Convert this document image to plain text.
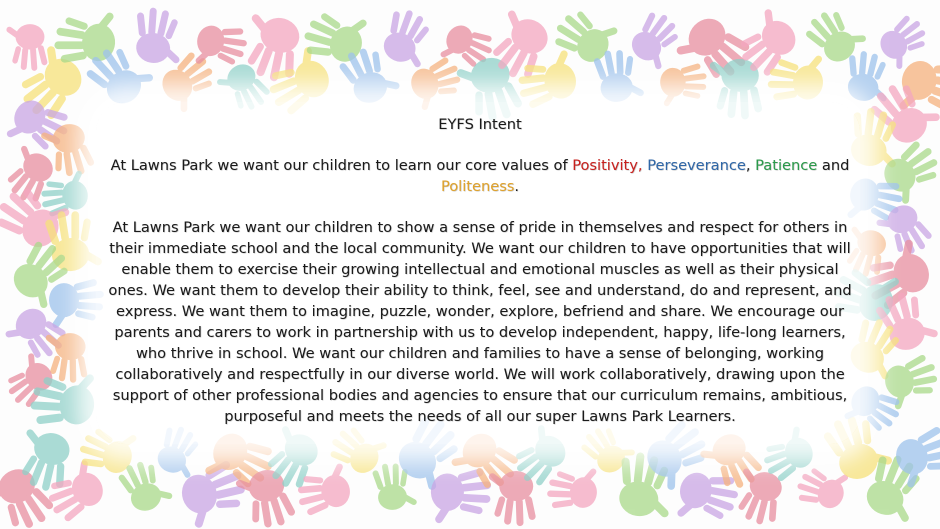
EYFS Intent

At Lawns Park we want our children to learn our core values of Positivity, Perseverance, Patience and Politeness.

At Lawns Park we want our children to show a sense of pride in themselves and respect for others in their immediate school and the local community. We want our children to have opportunities that will enable them to exercise their growing intellectual and emotional muscles as well as their physical ones. We want them to develop their ability to think, feel, see and understand, do and represent, and express. We want them to imagine, puzzle, wonder, explore, befriend and share. We encourage our parents and carers to work in partnership with us to develop independent, happy, life-long learners, who thrive in school. We want our children and families to have a sense of belonging, working collaboratively and respectfully in our diverse world. We will work collaboratively, drawing upon the support of other professional bodies and agencies to ensure that our curriculum remains, ambitious, purposeful and meets the needs of all our super Lawns Park Learners.
